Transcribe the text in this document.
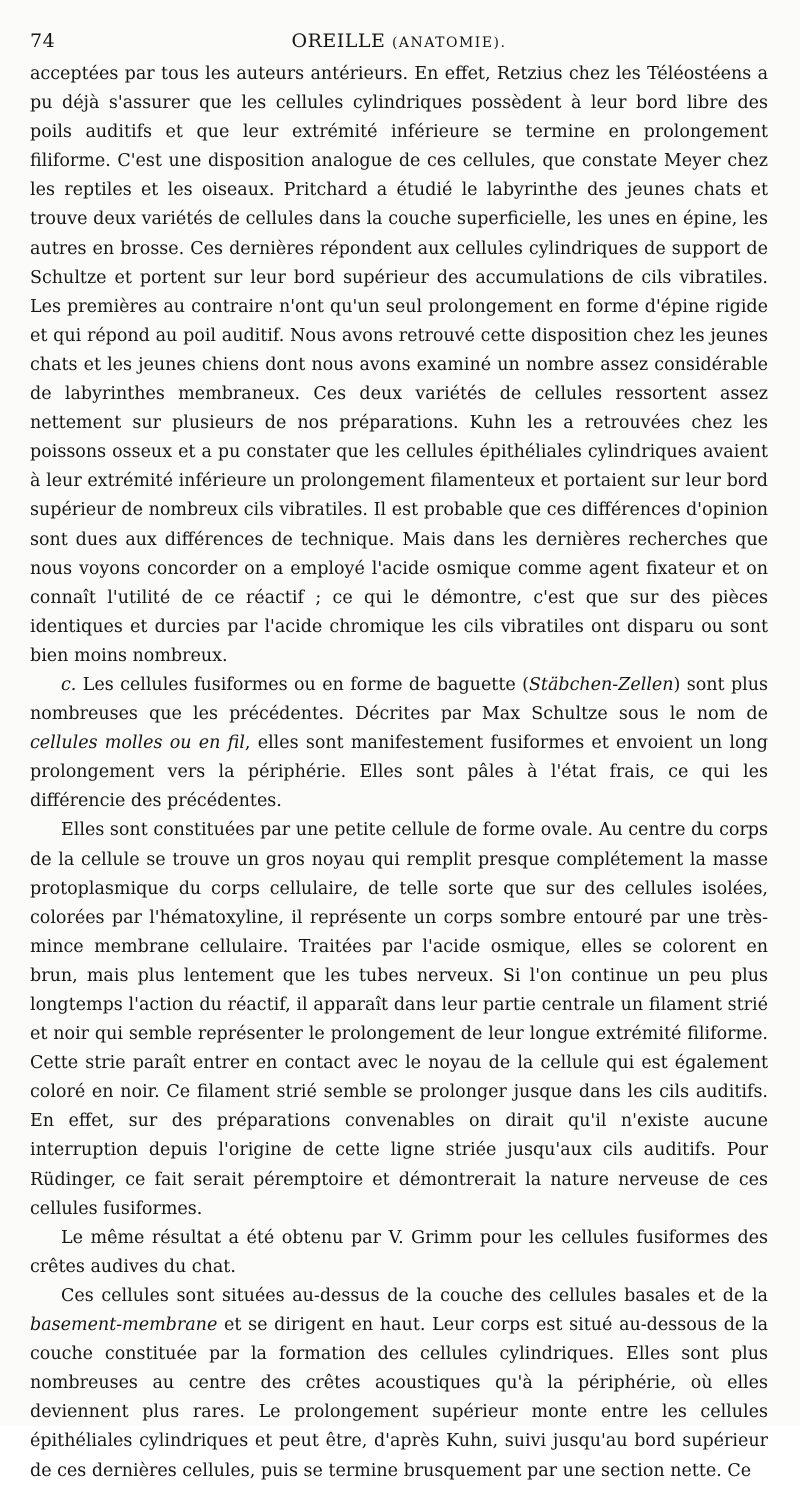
74	OREILLE (ANATOMIE).

acceptées par tous les auteurs antérieurs. En effet, Retzius chez les Téléostéens a pu déjà s'assurer que les cellules cylindriques possèdent à leur bord libre des poils auditifs et que leur extrémité inférieure se termine en prolongement filiforme. C'est une disposition analogue de ces cellules, que constate Meyer chez les reptiles et les oiseaux. Pritchard a étudié le labyrinthe des jeunes chats et trouve deux variétés de cellules dans la couche superficielle, les unes en épine, les autres en brosse. Ces dernières répondent aux cellules cylindriques de support de Schultze et portent sur leur bord supérieur des accumulations de cils vibratiles. Les premières au contraire n'ont qu'un seul prolongement en forme d'épine rigide et qui répond au poil auditif. Nous avons retrouvé cette disposition chez les jeunes chats et les jeunes chiens dont nous avons examiné un nombre assez considérable de labyrinthes membraneux. Ces deux variétés de cellules ressortent assez nettement sur plusieurs de nos préparations. Kuhn les a retrouvées chez les poissons osseux et a pu constater que les cellules épithéliales cylindriques avaient à leur extrémité inférieure un prolongement filamenteux et portaient sur leur bord supérieur de nombreux cils vibratiles. Il est probable que ces différences d'opinion sont dues aux différences de technique. Mais dans les dernières recherches que nous voyons concorder on a employé l'acide osmique comme agent fixateur et on connaît l'utilité de ce réactif ; ce qui le démontre, c'est que sur des pièces identiques et durcies par l'acide chromique les cils vibratiles ont disparu ou sont bien moins nombreux.

c. Les cellules fusiformes ou en forme de baguette (Stäbchen-Zellen) sont plus nombreuses que les précédentes. Décrites par Max Schultze sous le nom de cellules molles ou en fil, elles sont manifestement fusiformes et envoient un long prolongement vers la périphérie. Elles sont pâles à l'état frais, ce qui les différencie des précédentes.

Elles sont constituées par une petite cellule de forme ovale. Au centre du corps de la cellule se trouve un gros noyau qui remplit presque complétement la masse protoplasmique du corps cellulaire, de telle sorte que sur des cellules isolées, colorées par l'hématoxyline, il représente un corps sombre entouré par une très-mince membrane cellulaire. Traitées par l'acide osmique, elles se colorent en brun, mais plus lentement que les tubes nerveux. Si l'on continue un peu plus longtemps l'action du réactif, il apparaît dans leur partie centrale un filament strié et noir qui semble représenter le prolongement de leur longue extrémité filiforme. Cette strie paraît entrer en contact avec le noyau de la cellule qui est également coloré en noir. Ce filament strié semble se prolonger jusque dans les cils auditifs. En effet, sur des préparations convenables on dirait qu'il n'existe aucune interruption depuis l'origine de cette ligne striée jusqu'aux cils auditifs. Pour Rüdinger, ce fait serait péremptoire et démontrerait la nature nerveuse de ces cellules fusiformes.

Le même résultat a été obtenu par V. Grimm pour les cellules fusiformes des crêtes audives du chat.

Ces cellules sont situées au-dessus de la couche des cellules basales et de la basement-membrane et se dirigent en haut. Leur corps est situé au-dessous de la couche constituée par la formation des cellules cylindriques. Elles sont plus nombreuses au centre des crêtes acoustiques qu'à la périphérie, où elles deviennent plus rares. Le prolongement supérieur monte entre les cellules épithéliales cylindriques et peut être, d'après Kuhn, suivi jusqu'au bord supérieur de ces dernières cellules, puis se termine brusquement par une section nette. Ce
